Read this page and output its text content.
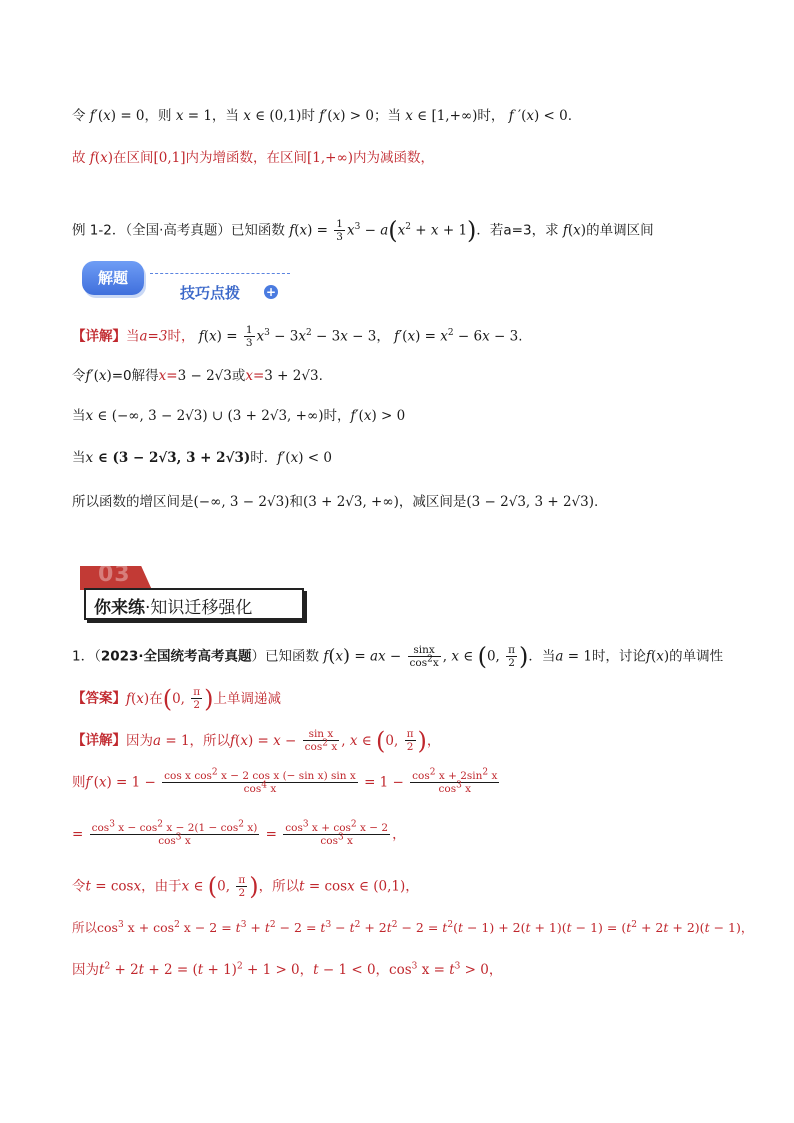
令 f′(x) = 0，则 x = 1，当 x ∈ (0,1)时 f′(x) > 0；当 x ∈ [1,+∞)时， f ′(x) < 0.
故 f(x)在区间[0,1]内为增函数，在区间[1,+∞)内为减函数，
例 1-2．（全国·高考真题）已知函数 $f(x) = \frac{1}{3} x^3 - a(x^2 + x + 1)$．若a=3，求 f(x)的单调区间
解题
技巧点拨 +
【详解】当a=3时， $f(x) = \frac{1}{3} x^3 - 3x^2 - 3x - 3$， $f'(x) = x^2 - 6x - 3$.
令f′(x)=0解得x=3 − 2√3或x=3 + 2√3.
当x ∈ (−∞, 3 − 2√3) ∪ (3 + 2√3, +∞)时，f′(x) > 0
当x ∈ (3 − 2√3, 3 + 2√3)时．f′(x) < 0
所以函数的增区间是(−∞, 3 − 2√3)和(3 + 2√3, +∞)，减区间是(3 − 2√3, 3 + 2√3).
03
你来练·知识迁移强化
1．（2023·全国统考高考真题）已知函数 f(x) = ax − $\frac{\sin x}{\cos^2x}$ , x ∈ (0, $\frac{\pi}{2}$ )．当a = 1时，讨论f(x)的单调性
【答案】f(x)在(0, $\frac{\pi}{2}$ )上单调递减
【详解】因为a = 1，所以$f(x) = x - \frac{\text{sin x}}{\cos^2 x}$ , x ∈ (0, $\frac{\pi}{2}$ )，
则$f'(x) = 1 - \frac{\cos x \cos^2 x - 2 \cos x (- \sin x) \sin x}{\cos^4 x} = 1 - \frac{\cos^2 x + 2\sin^2 x}{\cos^3 x}$
= $\frac{\cos^3 x - \cos^2 x - 2(1 - \cos^2 x)}{\cos^3 x} = \frac{\cos^3 x + \cos^2 x - 2}{\cos^3 x}$ ，
令t = cosx，由于x ∈ (0, $\frac{\pi}{2}$ )，所以t = cosx ∈ (0,1)，
所以$\cos^3 x + \cos^2 x - 2 = t^3 + t^2 - 2 = t^3 - t^2 + 2t^2 - 2 = t^2(t - 1) + 2(t + 1)(t - 1) = (t^2 + 2t + 2)(t - 1)$，
因为$t^2 + 2t + 2 = (t + 1)^2 + 1 > 0$，t − 1 < 0，$\cos^3 x = t^3 > 0$，
